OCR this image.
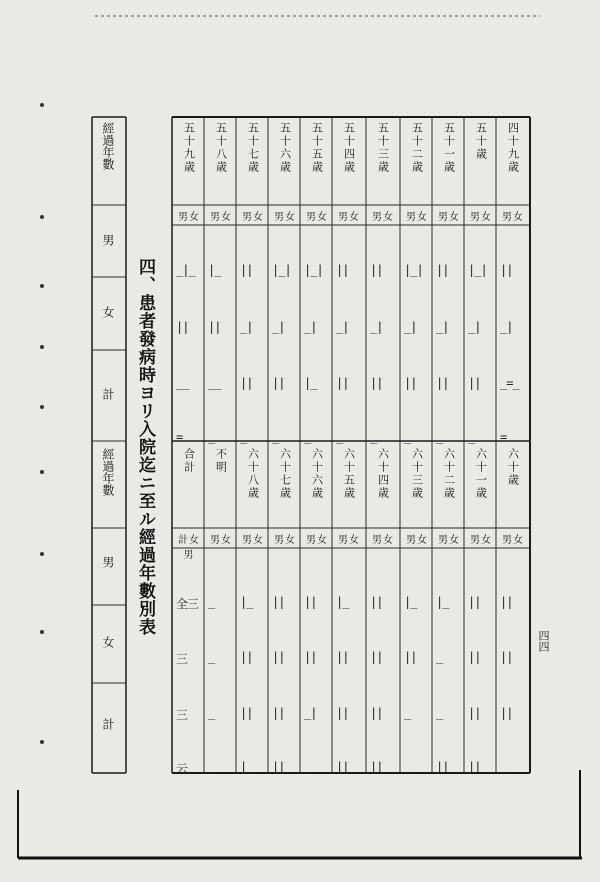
四、患者發病時ヨリ入院迄ニ至ル經過年數別表
四四
經過年數
男
女
計
經過年數
男
女
計
四十九歳
五十歳
五十一歳
五十二歳
五十三歳
五十四歳
五十五歳
五十六歳
五十七歳
五十八歳
五十九歳
六十歳
六十一歳
六十二歳
六十三歳
六十四歳
六十五歳
六十六歳
六十七歳
六十八歳
不明
合計
男女
男女
男女
男女
男女
男女
男女
男女
男女
男女
男女
男女
男女
男女
男女
男女
男女
男女
男女
男女
男女
計女男
||
|_|
||
|_|
||
||
|_|
|_|
||
|_
_|_
_|
_|
_|
_|
_|
_|
_|
_|
_|
||
||
_=_
||
||
||
||
||
|_
||
||
__
__
=
_
_
_
_
_
_
_
_
_
=
||
||
|_
|_
||
|_
||
||
|_
_
全三
||
||
_
||
||
||
||
||
||
_
三
||
||
_
_
||
||
_|
||
||
_
三
_
||
||
_
||
||
_
||
|_
_
云
